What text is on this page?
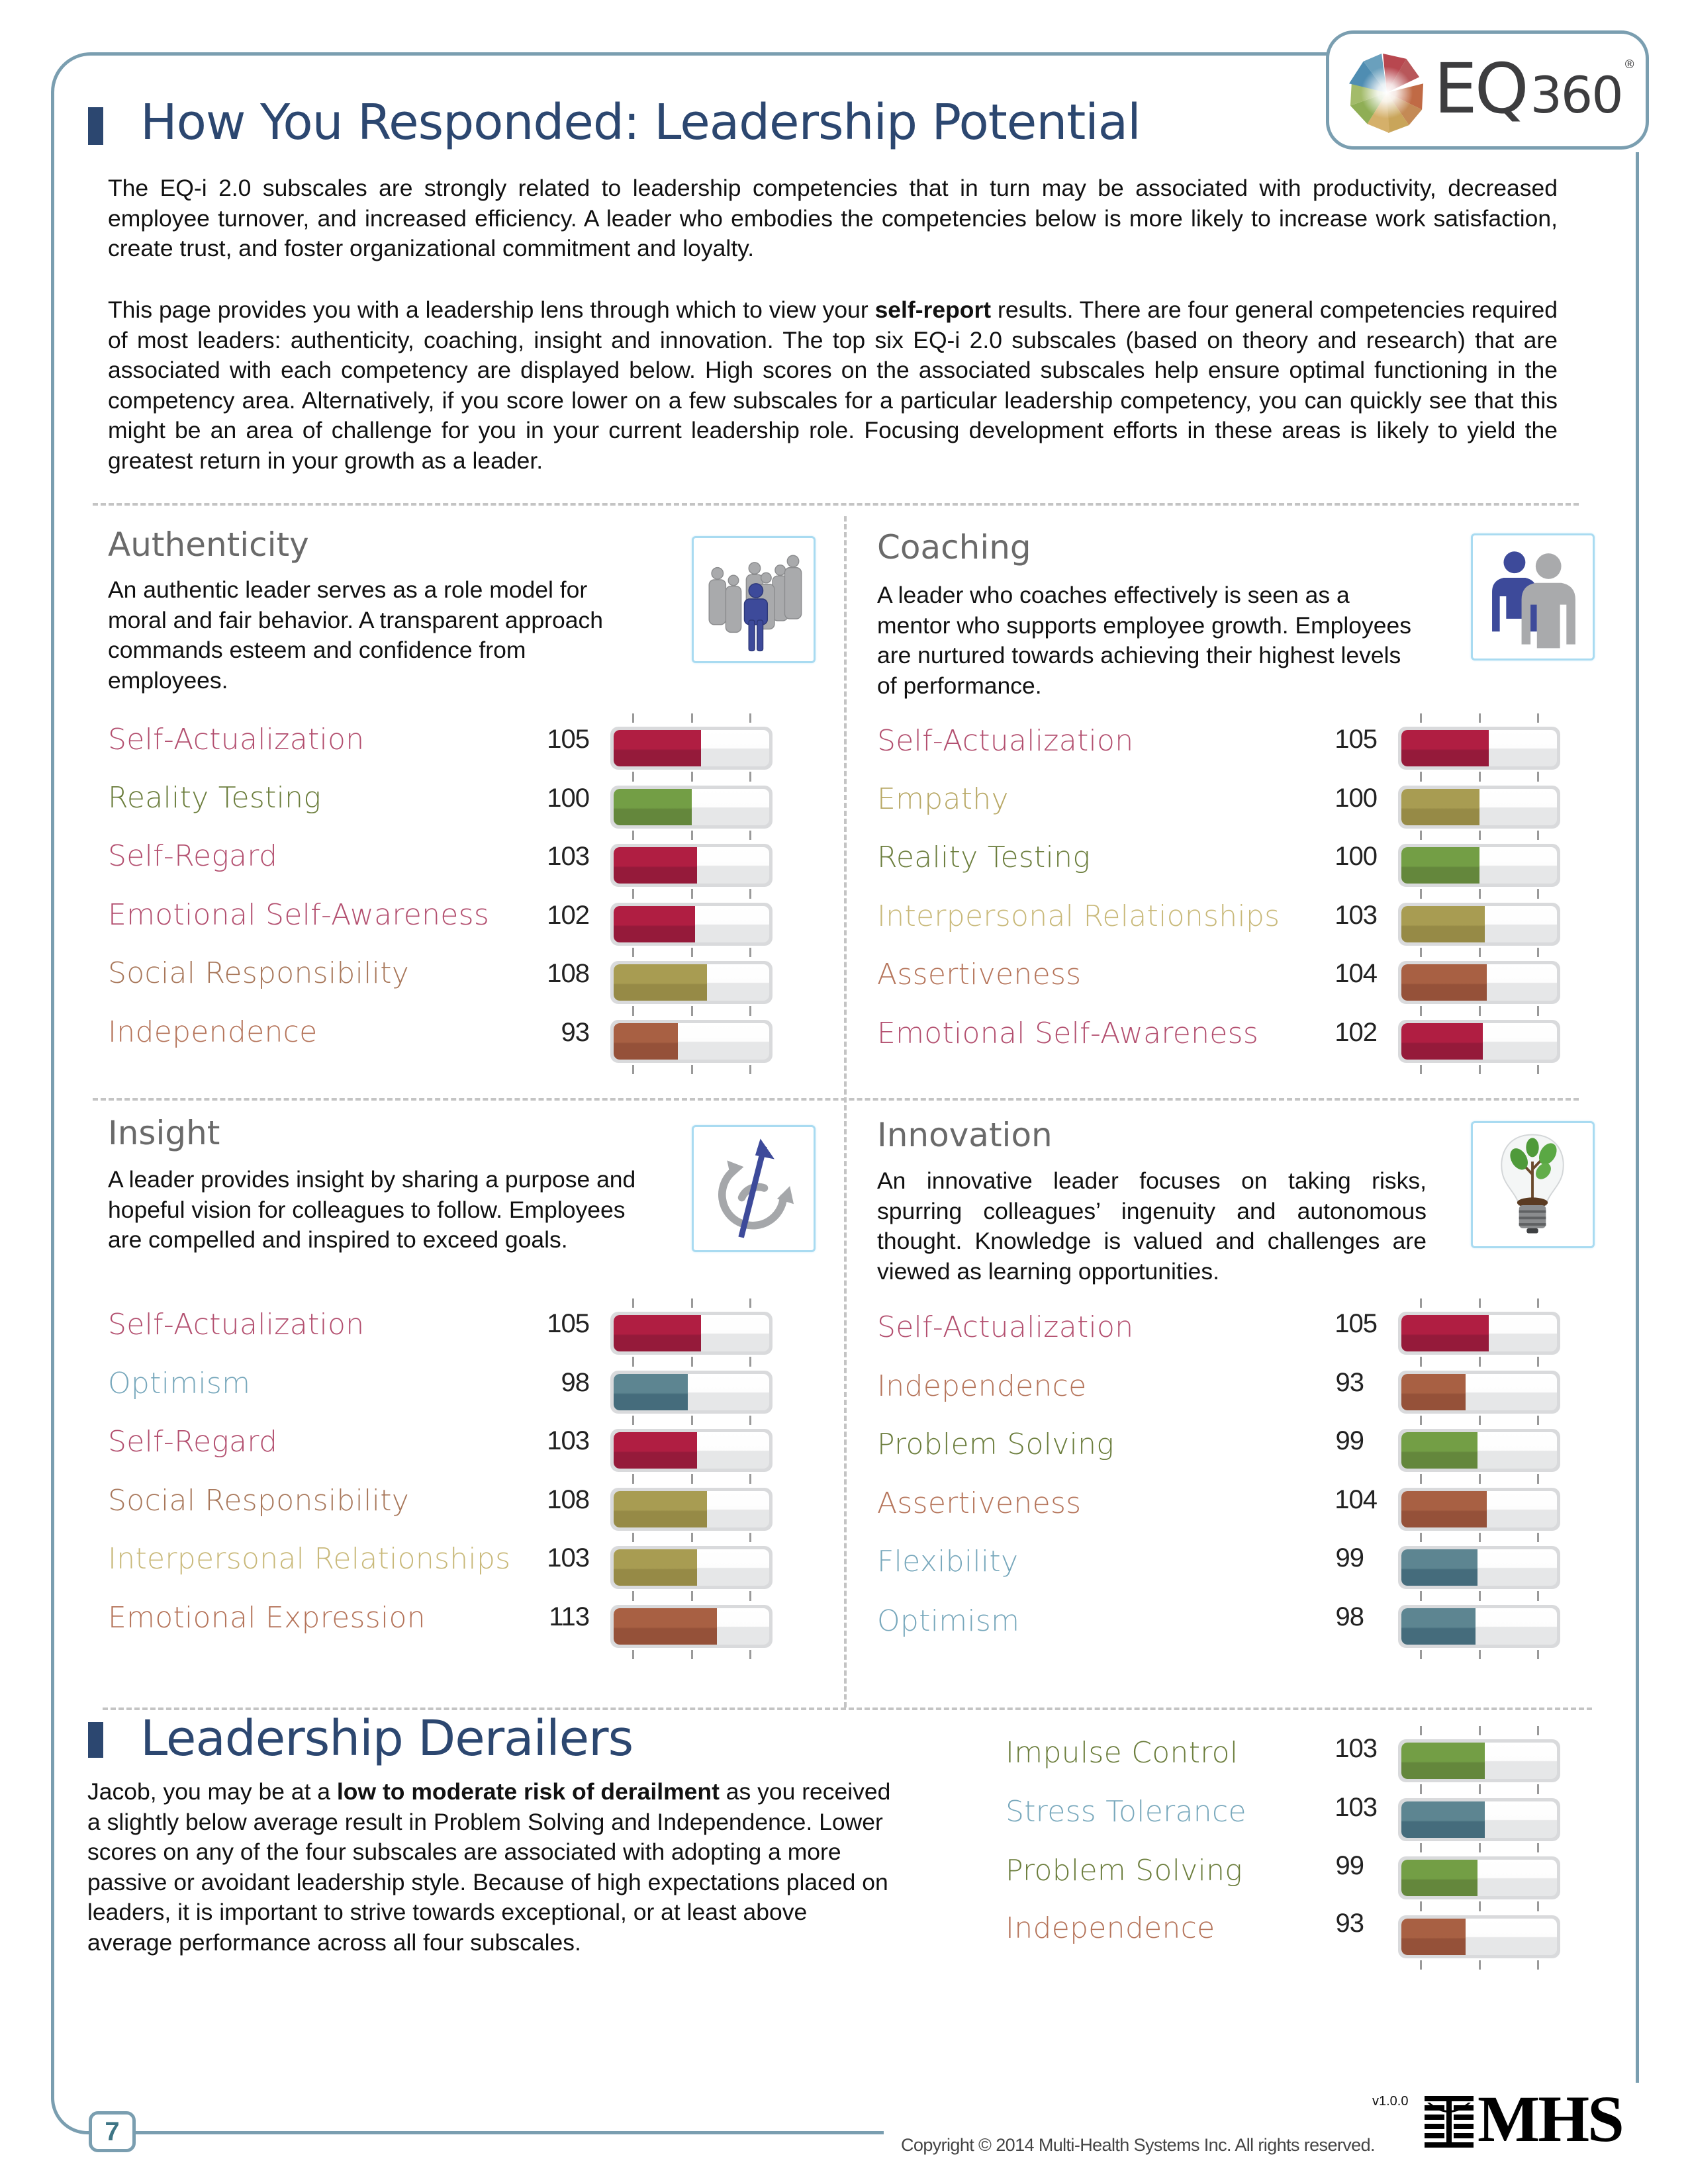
EQ360®
How You Responded: Leadership Potential
The EQ-i 2.0 subscales are strongly related to leadership competencies that in turn may be associated with productivity, decreased employee turnover, and increased efficiency. A leader who embodies the competencies below is more likely to increase work satisfaction, create trust, and foster organizational commitment and loyalty.
This page provides you with a leadership lens through which to view your self-report results. There are four general competencies required of most leaders: authenticity, coaching, insight and innovation. The top six EQ-i 2.0 subscales (based on theory and research) that are associated with each competency are displayed below. High scores on the associated subscales help ensure optimal functioning in the competency area. Alternatively, if you score lower on a few subscales for a particular leadership competency, you can quickly see that this might be an area of challenge for you in your current leadership role. Focusing development efforts in these areas is likely to yield the greatest return in your growth as a leader.
Authenticity
An authentic leader serves as a role model for moral and fair behavior. A transparent approach commands esteem and confidence from employees.
Self-Actualization	105
Reality Testing	100
Self-Regard	103
Emotional Self-Awareness	102
Social Responsibility	108
Independence	93
Coaching
A leader who coaches effectively is seen as a mentor who supports employee growth. Employees are nurtured towards achieving their highest levels of performance.
Self-Actualization	105
Empathy	100
Reality Testing	100
Interpersonal Relationships	103
Assertiveness	104
Emotional Self-Awareness	102
Insight
A leader provides insight by sharing a purpose and hopeful vision for colleagues to follow. Employees are compelled and inspired to exceed goals.
Self-Actualization	105
Optimism	98
Self-Regard	103
Social Responsibility	108
Interpersonal Relationships	103
Emotional Expression	113
Innovation
An innovative leader focuses on taking risks, spurring colleagues’ ingenuity and autonomous thought. Knowledge is valued and challenges are viewed as learning opportunities.
Self-Actualization	105
Independence	93
Problem Solving	99
Assertiveness	104
Flexibility	99
Optimism	98
Leadership Derailers
Jacob, you may be at a low to moderate risk of derailment as you received a slightly below average result in Problem Solving and Independence. Lower scores on any of the four subscales are associated with adopting a more passive or avoidant leadership style. Because of high expectations placed on leaders, it is important to strive towards exceptional, or at least above average performance across all four subscales.
Impulse Control	103
Stress Tolerance	103
Problem Solving	99
Independence	93
7
v1.0.0
Copyright © 2014 Multi-Health Systems Inc. All rights reserved. MHS
